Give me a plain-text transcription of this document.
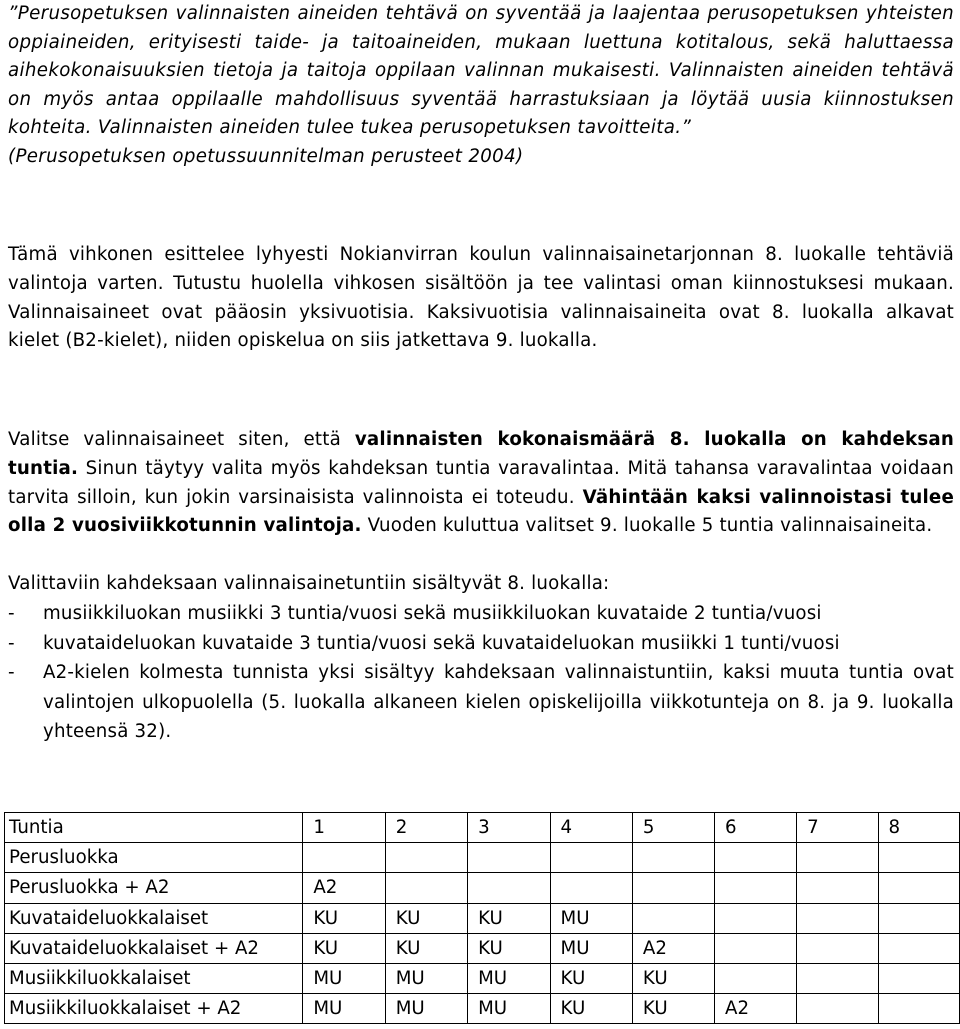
”Perusopetuksen valinnaisten aineiden tehtävä on syventää ja laajentaa perusopetuksen yhteisten oppiaineiden, erityisesti taide- ja taitoaineiden, mukaan luettuna kotitalous, sekä haluttaessa aihekokonaisuuksien tietoja ja taitoja oppilaan valinnan mukaisesti. Valinnaisten aineiden tehtävä on myös antaa oppilaalle mahdollisuus syventää harrastuksiaan ja löytää uusia kiinnostuksen kohteita. Valinnaisten aineiden tulee tukea perusopetuksen tavoitteita.”
(Perusopetuksen opetussuunnitelman perusteet 2004)
Tämä vihkonen esittelee lyhyesti Nokianvirran koulun valinnaisainetarjonnan 8. luokalle tehtäviä valintoja varten. Tutustu huolella vihkosen sisältöön ja tee valintasi oman kiinnostuksesi mukaan. Valinnaisaineet ovat pääosin yksivuotisia. Kaksivuotisia valinnaisaineita ovat 8. luokalla alkavat kielet (B2-kielet), niiden opiskelua on siis jatkettava 9. luokalla.
Valitse valinnaisaineet siten, että valinnaisten kokonaismäärä 8. luokalla on kahdeksan tuntia. Sinun täytyy valita myös kahdeksan tuntia varavalintaa. Mitä tahansa varavalintaa voidaan tarvita silloin, kun jokin varsinaisista valinnoista ei toteudu. Vähintään kaksi valinnoistasi tulee olla 2 vuosiviikkotunnin valintoja. Vuoden kuluttua valitset 9. luokalle 5 tuntia valinnaisaineita.
Valittaviin kahdeksaan valinnaisainetuntiin sisältyvät 8. luokalla:
- musiikkiluokan musiikki 3 tuntia/vuosi sekä musiikkiluokan kuvataide 2 tuntia/vuosi
- kuvataideluokan kuvataide 3 tuntia/vuosi sekä kuvataideluokan musiikki 1 tunti/vuosi
- A2-kielen kolmesta tunnista yksi sisältyy kahdeksaan valinnaistuntiin, kaksi muuta tuntia ovat valintojen ulkopuolella (5. luokalla alkaneen kielen opiskelijoilla viikkotunteja on 8. ja 9. luokalla yhteensä 32).
Tuntia	1	2	3	4	5	6	7	8
Perusluokka								
Perusluokka + A2	A2							
Kuvataideluokkalaiset	KU	KU	KU	MU				
Kuvataideluokkalaiset + A2	KU	KU	KU	MU	A2			
Musiikkiluokkalaiset	MU	MU	MU	KU	KU			
Musiikkiluokkalaiset + A2	MU	MU	MU	KU	KU	A2		
